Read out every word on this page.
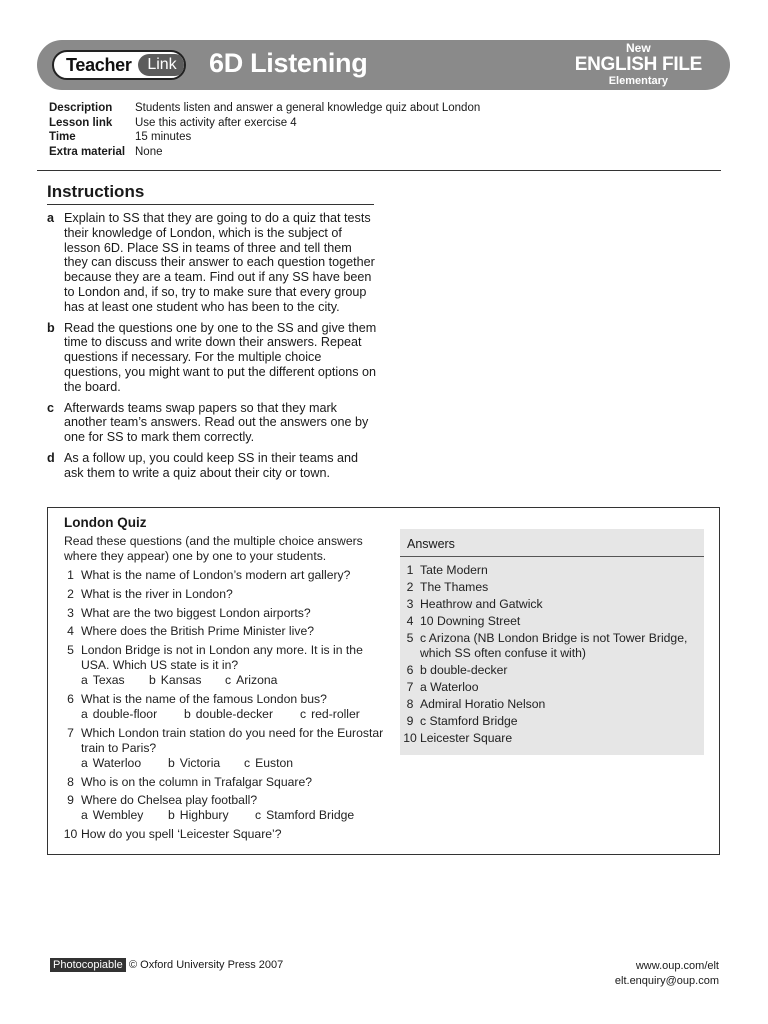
Teacher Link	6D Listening	New
ENGLISH FILE
Elementary
Description	Students listen and answer a general knowledge quiz about London
Lesson link	Use this activity after exercise 4
Time	15 minutes
Extra material None
Instructions
a Explain to SS that they are going to do a quiz that tests their knowledge of London, which is the subject of lesson 6D. Place SS in teams of three and tell them they can discuss their answer to each question together because they are a team. Find out if any SS have been to London and, if so, try to make sure that every group has at least one student who has been to the city.
b Read the questions one by one to the SS and give them time to discuss and write down their answers. Repeat questions if necessary. For the multiple choice questions, you might want to put the different options on the board.
c Afterwards teams swap papers so that they mark another team’s answers. Read out the answers one by one for SS to mark them correctly.
d As a follow up, you could keep SS in their teams and ask them to write a quiz about their city or town.
London Quiz
Read these questions (and the multiple choice answers where they appear) one by one to your students.
1 What is the name of London’s modern art gallery?
2 What is the river in London?
3 What are the two biggest London airports?
4 Where does the British Prime Minister live?
5 London Bridge is not in London any more. It is in the USA. Which US state is it in?
a Texas	b Kansas	c Arizona
6 What is the name of the famous London bus?
a double-floor	b double-decker	c red-roller
7 Which London train station do you need for the Eurostar train to Paris?
a Waterloo	b Victoria	c Euston
8 Who is on the column in Trafalgar Square?
9 Where do Chelsea play football?
a Wembley	b Highbury	c Stamford Bridge
10 How do you spell ‘Leicester Square’?
Answers
1 Tate Modern
2 The Thames
3 Heathrow and Gatwick
4 10 Downing Street
5 c Arizona (NB London Bridge is not Tower Bridge, which SS often confuse it with)
6 b double-decker
7 a Waterloo
8 Admiral Horatio Nelson
9 c Stamford Bridge
10 Leicester Square
Photocopiable © Oxford University Press 2007	www.oup.com/elt
elt.enquiry@oup.com
